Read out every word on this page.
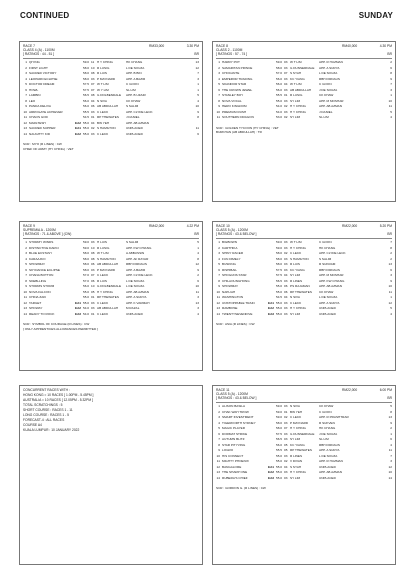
CONTINUED	SUNDAY
RACE 7	RM33,000	3.30 PM
CLASS 4 (A) - 1100M
[ RATINGS : 44 - 51 ]	BR
1 QIYING	59.0 11 H Y CHING	HK CHANG	13
2 FIRST LIGHT	58.0 10 R LUSIG	L DE SOUZA	12
3 SACRED VICTORY	58.0 08 R LUIS	APP. B BIN	7
4 LEOPARD ECLIPSE	58.0 03 P MAYNARD	APP. A BAZIR	3
5 DOCTOR DREAM	57.5 07 W T LIM	C GOON	1
6 HOWL	57.5 07 W Y LIM	SL LIM	1
7 LAMBIN	56.5 08 G DOLBENDALE	APP. B UZAIR	5
8 LEO	56.0 04 N SIVA	CK KHAW	4
9 PANDA DELIVA	56.0 06 AB ABDULLAH	S SALIM	10
10 ARROGATE ACHIEVER	55.5 03 C LECK	APP. CLYDE LECK	9
11 CHAOS GOD	54.5 01 RP THEWATES	J DANIEL	8
12 MARLTESH	EA2 55.0 04 BW YEH	APP. AB AZMAN
13 SACRED SUPPER	EA1 55.0 02 S HAMILTON	UNPLACED	11
14 NAUGHTY KID	EA2 55.0 03 C LECK	UNPLACED	6
SCR : MYO (R LINES) : CW
CHIEF OF ARMY (HY CHING) : VET
RACE 8	RM40,000	4.30 PM
CLASS 2 - 1100M
[ RATINGS : 57 - 74 ]	BR
1 HARRY POT	59.0 03 W T LIM	APP. R HUZMAN	2
2 SAMARITAN PRINCE	58.0 03 G DUNSERDALE	APP. A SURYA	6
3 CHOCANTE	57.0 07 S SYAH	L DE SOUZA	8
4 EMPEROR TRADING	56.0 03 KC YIANG	RBH FIRDAUS	9
5 SKANDOR STAR	56.0 04 W T LIM	C GOON	7
6 THE CROWN JEWEL	56.0 03 AB ABDULLAH	J DE SOUZA	3
7 STANLEY BOY	55.5 01 R LUSIG	CK KHAW	1
8 NOVA VOCAL	55.0 03 SY LIM	APP. M MOSHAR	10
9 HERO KINGDOM	54.0 02 H Y CHING	APP. AB AZMAN	11
10 PREMIUM RUSH	54.0 03 H Y CHING	J DANIEL	5
11 SOUTHERN DRAGON	53.0 02 SY LIM	SL LIM	4
SCR : GOLDEN TYCOON (HY CHING) : VET
BURKHAN (AB ABDULLAH) : TR
RACE 9	RM42,000	4.22 PM
SUPREMIA A - 1200M
[ RATINGS : 71 & ABOVE ] (CW)	BR
1 STORMY WINDS	59.0 03 H LUIS	S SALIM	5
2 DISTINCTIVE DARCI	59.0 10 R LUSIG	APP. KW CHIANG	1
3 BLUE ECSTASY	58.0 08 W T LIM	A ABBUSSIN	4
4 KARAAJKO	58.0 08 S HAMILTON	APP. AF RAYAR	8
5 SHOWMAY	58.0 06 AB ABDULLAH	RBH FIRDAUS	12
6 SKYDANCE ECLIPSE	58.0 03 P MAYNARD	APP. A BAZIR	9
7 CHANA BOTTON	57.0 07 C LECK	APP. CLYDE LECK	2
8 SKEBLLING	57.0 06 R LUIS	L DE SOUZA	6
9 STORMS STORM	56.0 10 G DOLBENDALE	L DE SOUZA	10
10 NOVA FALCON	55.0 05 H Y CHING	APP. AB AZMAN	11
11 CHINA ZAKI	55.0 01 RP THEWATES	APP. A SURYA	3
12 TARGET	EA1 55.0 03 C LECK	APP. K VARMAH	13
13 SHOWAY	EA2 54.0 03 AB ABDULLAH	M RAZAL	3
14 READY TO ROCK	EA3 54.0 01 C LECK	UNPLACED	4
SCR : SYMBOL OF COURAGE (R LINES) : CW
[ ONLY APPRENTICES ALLOWANCES PERMITTED ]
RACE 10	RM22,000	5.20 PM
CLASS 5 (A) - 1200M
[ RATINGS : 43 & BELOW ]	BR
1 BIGBOWN	59.0 03 W T LIM	C GOON	7
2 KARTHIKA	59.0 03 H Y CHING	HK CHANG	8
3 SHINY RACER	58.0 02 C LECK	APP. CLYDE LECK	2
4 FUN DIMELY	58.0 03 S HAMILTON	S SALIM	2
5 BUSKING	58.0 03 R LUIS	R SUKRAM	13
6 RISHIBAIL	57.5 03 KC YIANG	RBH FIRDAUS	6
7 SHOGUNS STAR	57.5 04 SY LIM	APP. M MOSHAR	3
8 CHILAOUNGHONG	56.5 03 R LINES	APP. KW CHIANG	9
9 SHOWMAY	55.0 06 PS RAJAMAN	APP. AB AZMAN	10
10 NAPLIAH	55.0 06 RP THEWATES	CK KHAW	11
11 WASHINGTON	54.5 04 N SIVA	L DE SOUZA	1
12 UNSTOPPABLE TRAIN	EA1 55.0 03 C LECK	APP. A SURYA	12
13 RAMBOSE	EA2 55.0 03 H Y CHING	UNPLACED	5
14 TWENTYSEVENFIVE	EA3 55.0 03 SY LIM	UNPLACED	4
SCR : ASIA (R LINES) : CW
CONCURRENT RACES WITH :
HONG KONG = 10 RACES [ 1.00PM - 5.45PM ]
AUSTRALIA = 10 RACES [ 12.05PM - 5.32PM ]
TOTAL SCRATCHINGS : 5
SHORT COURSE : RACES 1 - 11
LONG COURSE : RACES 1 - 5
FORECAST-4 : ALL RACES
COURSE A4
KUALA LUMPUR : 10 JANUARY 2022
RACE 11	RM22,000	6.00 PM
CLASS 5 (A) - 1200M
[ RATINGS : 43 & BELOW ]	BR
1 ALISON BASILA	59.0 03 N SIVA	CK KHAW	5
2 CHAK WAH TROW	59.0 01 BW YEH	C GOON	8
3 SMART INVESTMENT	59.0 02 C LECK	APP. R PRASHTRAR	13
4 TIGERFORTH SYDNEY	58.0 03 P MAYNARD	R SUKVEN	9
5 MAGIC PLAYER	58.0 07 H Y CHING	HK CHANG	2
6 DORMAT STRIKE	57.5 03 G DUNSERDALE	J DE SOUZA	1
7 AUTUMN BLITZ	56.5 03 SY LIM	SL LIM	6
8 STAR PITYVING	56.0 05 KC YIANG	RBH FIRDAUS	4
9 LOGRO	55.5 05 RP THEWATES	APP. A SURYA	11
10 HIS CONNECT	55.0 03 R LINES	L DE SOUZA	7
11 MIGHTY PHOENIX	55.0 02 V DIVAN	APP. R HUZMAN	3
12 BANGALORE	EA1 55.0 04 S SYAH	UNPLACED	12
13 THE SHARP ONE	EA2 55.0 03 H Y CHING	APP. AB AZMAN	10
14 RUBERA'S CHIEF	EA3 55.0 03 SY LIM	UNPLACED	14
SCR : GORDON G. (R LINES) : CW
